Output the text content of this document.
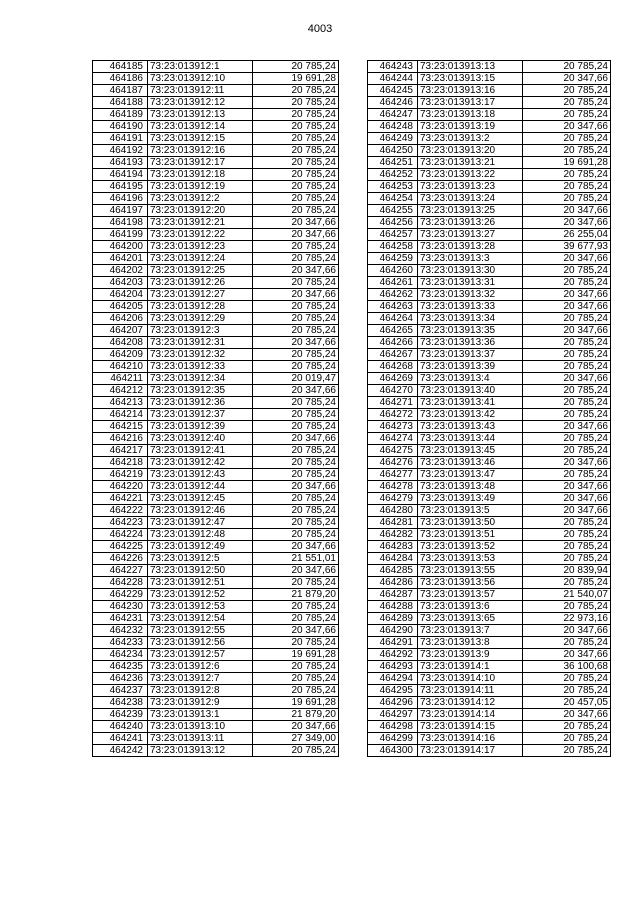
4003
464185	73:23:013912:1	20 785,24
464186	73:23:013912:10	19 691,28
464187	73:23:013912:11	20 785,24
464188	73:23:013912:12	20 785,24
464189	73:23:013912:13	20 785,24
464190	73:23:013912:14	20 785,24
464191	73:23:013912:15	20 785,24
464192	73:23:013912:16	20 785,24
464193	73:23:013912:17	20 785,24
464194	73:23:013912:18	20 785,24
464195	73:23:013912:19	20 785,24
464196	73:23:013912:2	20 785,24
464197	73:23:013912:20	20 785,24
464198	73:23:013912:21	20 347,66
464199	73:23:013912:22	20 347,66
464200	73:23:013912:23	20 785,24
464201	73:23:013912:24	20 785,24
464202	73:23:013912:25	20 347,66
464203	73:23:013912:26	20 785,24
464204	73:23:013912:27	20 347,66
464205	73:23:013912:28	20 785,24
464206	73:23:013912:29	20 785,24
464207	73:23:013912:3	20 785,24
464208	73:23:013912:31	20 347,66
464209	73:23:013912:32	20 785,24
464210	73:23:013912:33	20 785,24
464211	73:23:013912:34	20 019,47
464212	73:23:013912:35	20 347,66
464213	73:23:013912:36	20 785,24
464214	73:23:013912:37	20 785,24
464215	73:23:013912:39	20 785,24
464216	73:23:013912:40	20 347,66
464217	73:23:013912:41	20 785,24
464218	73:23:013912:42	20 785,24
464219	73:23:013912:43	20 785,24
464220	73:23:013912:44	20 347,66
464221	73:23:013912:45	20 785,24
464222	73:23:013912:46	20 785,24
464223	73:23:013912:47	20 785,24
464224	73:23:013912:48	20 785,24
464225	73:23:013912:49	20 347,66
464226	73:23:013912:5	21 551,01
464227	73:23:013912:50	20 347,66
464228	73:23:013912:51	20 785,24
464229	73:23:013912:52	21 879,20
464230	73:23:013912:53	20 785,24
464231	73:23:013912:54	20 785,24
464232	73:23:013912:55	20 347,66
464233	73:23:013912:56	20 785,24
464234	73:23:013912:57	19 691,28
464235	73:23:013912:6	20 785,24
464236	73:23:013912:7	20 785,24
464237	73:23:013912:8	20 785,24
464238	73:23:013912:9	19 691,28
464239	73:23:013913:1	21 879,20
464240	73:23:013913:10	20 347,66
464241	73:23:013913:11	27 349,00
464242	73:23:013913:12	20 785,24
464243	73:23:013913:13	20 785,24
464244	73:23:013913:15	20 347,66
464245	73:23:013913:16	20 785,24
464246	73:23:013913:17	20 785,24
464247	73:23:013913:18	20 785,24
464248	73:23:013913:19	20 347,66
464249	73:23:013913:2	20 785,24
464250	73:23:013913:20	20 785,24
464251	73:23:013913:21	19 691,28
464252	73:23:013913:22	20 785,24
464253	73:23:013913:23	20 785,24
464254	73:23:013913:24	20 785,24
464255	73:23:013913:25	20 347,66
464256	73:23:013913:26	20 347,66
464257	73:23:013913:27	26 255,04
464258	73:23:013913:28	39 677,93
464259	73:23:013913:3	20 347,66
464260	73:23:013913:30	20 785,24
464261	73:23:013913:31	20 785,24
464262	73:23:013913:32	20 347,66
464263	73:23:013913:33	20 347,66
464264	73:23:013913:34	20 785,24
464265	73:23:013913:35	20 347,66
464266	73:23:013913:36	20 785,24
464267	73:23:013913:37	20 785,24
464268	73:23:013913:39	20 785,24
464269	73:23:013913:4	20 347,66
464270	73:23:013913:40	20 785,24
464271	73:23:013913:41	20 785,24
464272	73:23:013913:42	20 785,24
464273	73:23:013913:43	20 347,66
464274	73:23:013913:44	20 785,24
464275	73:23:013913:45	20 785,24
464276	73:23:013913:46	20 347,66
464277	73:23:013913:47	20 785,24
464278	73:23:013913:48	20 347,66
464279	73:23:013913:49	20 347,66
464280	73:23:013913:5	20 347,66
464281	73:23:013913:50	20 785,24
464282	73:23:013913:51	20 785,24
464283	73:23:013913:52	20 785,24
464284	73:23:013913:53	20 785,24
464285	73:23:013913:55	20 839,94
464286	73:23:013913:56	20 785,24
464287	73:23:013913:57	21 540,07
464288	73:23:013913:6	20 785,24
464289	73:23:013913:65	22 973,16
464290	73:23:013913:7	20 347,66
464291	73:23:013913:8	20 785,24
464292	73:23:013913:9	20 347,66
464293	73:23:013914:1	36 100,68
464294	73:23:013914:10	20 785,24
464295	73:23:013914:11	20 785,24
464296	73:23:013914:12	20 457,05
464297	73:23:013914:14	20 347,66
464298	73:23:013914:15	20 785,24
464299	73:23:013914:16	20 785,24
464300	73:23:013914:17	20 785,24
